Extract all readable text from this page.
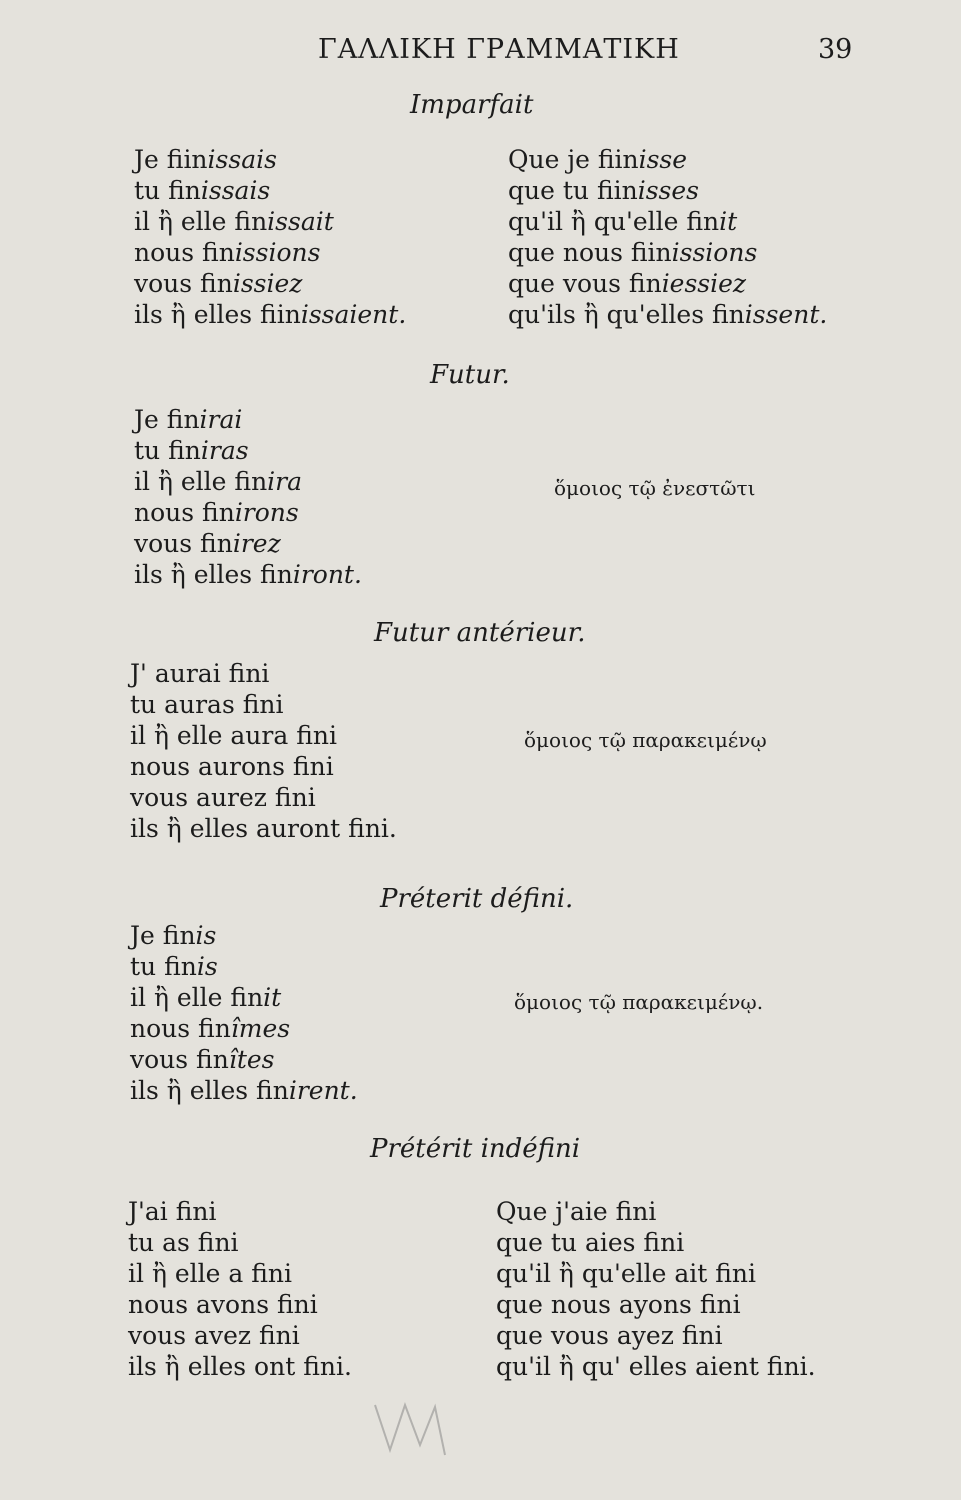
ΓΑΛΛΙΚΗ ΓΡΑΜΜΑΤΙΚΗ	39
Imparfait
Je fiinissais
tu finissais
il ἢ elle finissait
nous finissions
vous finissiez
ils ἢ elles fiinissaient.
Que je fiinisse
que tu fiinisses
qu'il ἢ qu'elle finit
que nous fiinissions
que vous finiessiez
qu'ils ἢ qu'elles finissent.
Futur.
Je finirai
tu finiras
il ἢ elle finira
nous finirons
vous finirez
ils ἢ elles finiront.
ὅμοιος τῷ ἐνεστῶτι
Futur antérieur.
J' aurai fini
tu auras fini
il ἢ elle aura fini
nous aurons fini
vous aurez fini
ils ἢ elles auront fini.
ὅμοιος τῷ παρακειμένῳ
Préterit défini.
Je finis
tu finis
il ἢ elle finit
nous finîmes
vous finîtes
ils ἢ elles finirent.
ὅμοιος τῷ παρακειμένῳ.
Prétérit indéfini
J'ai fini
tu as fini
il ἢ elle a fini
nous avons fini
vous avez fini
ils ἢ elles ont fini.
Que j'aie fini
que tu aies fini
qu'il ἢ qu'elle ait fini
que nous ayons fini
que vous ayez fini
qu'il ἢ qu' elles aient fini.
